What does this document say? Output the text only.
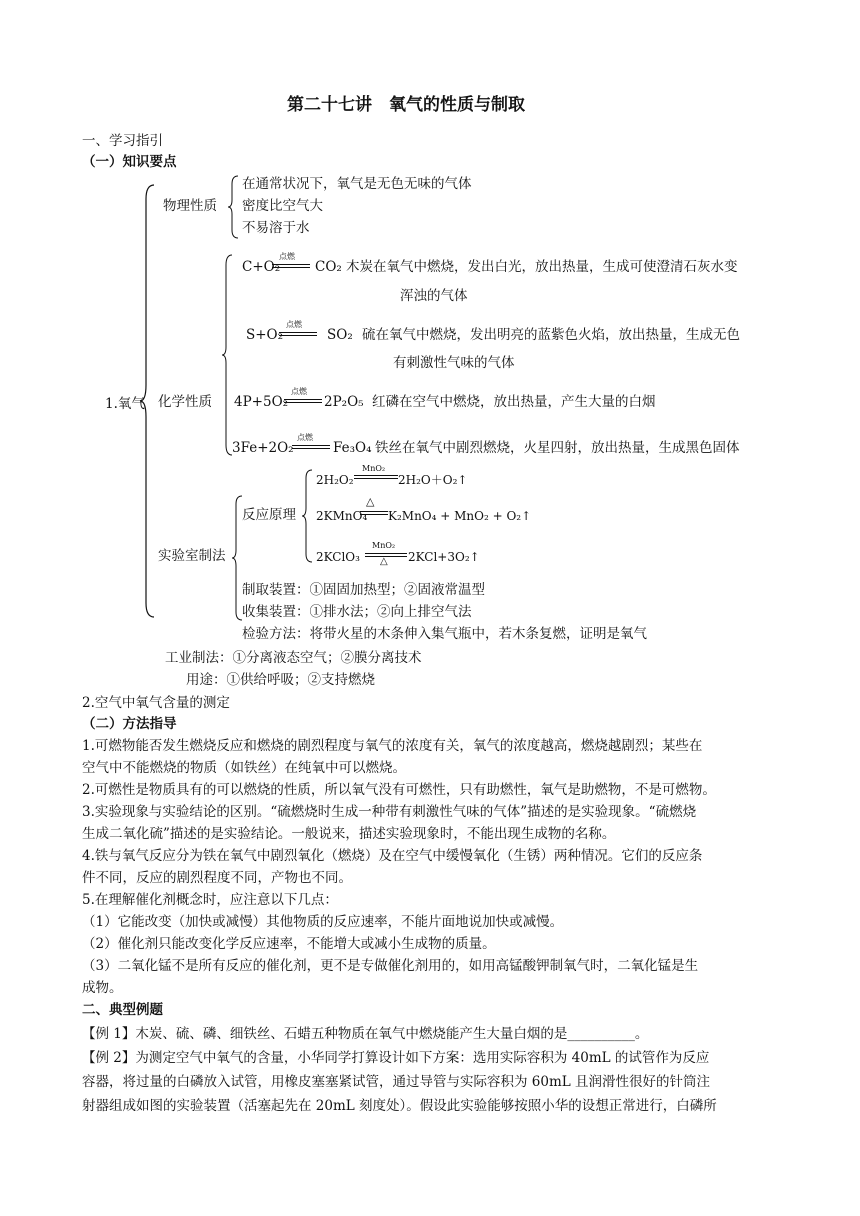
第二十七讲　氧气的性质与制取
一、学习指引
（一）知识要点
1.氧气
物理性质
在通常状况下，氧气是无色无味的气体
密度比空气大
不易溶于水
化学性质
C+O₂
点燃
CO₂ 木炭在氧气中燃烧，发出白光，放出热量，生成可使澄清石灰水变
浑浊的气体
S+O₂
点燃
SO₂ 硫在氧气中燃烧，发出明亮的蓝紫色火焰，放出热量，生成无色
有刺激性气味的气体
4P+5O₂
点燃
2P₂O₅ 红磷在空气中燃烧，放出热量，产生大量的白烟
3Fe+2O₂
点燃
Fe₃O₄ 铁丝在氧气中剧烈燃烧，火星四射，放出热量，生成黑色固体
实验室制法
反应原理
2H₂O₂
MnO₂
2H₂O＋O₂↑
2KMnO₄
△
K₂MnO₄ + MnO₂ + O₂↑
2KClO₃
MnO₂
△ 2KCl+3O₂↑
制取装置：①固固加热型；②固液常温型
收集装置：①排水法；②向上排空气法
检验方法：将带火星的木条伸入集气瓶中，若木条复燃，证明是氧气
工业制法：①分离液态空气；②膜分离技术
用途：①供给呼吸；②支持燃烧
2.空气中氧气含量的测定
（二）方法指导
1.可燃物能否发生燃烧反应和燃烧的剧烈程度与氧气的浓度有关，氧气的浓度越高，燃烧越剧烈；某些在
空气中不能燃烧的物质（如铁丝）在纯氧中可以燃烧。
2.可燃性是物质具有的可以燃烧的性质，所以氧气没有可燃性，只有助燃性，氧气是助燃物，不是可燃物。
3.实验现象与实验结论的区别。“硫燃烧时生成一种带有刺激性气味的气体”描述的是实验现象。“硫燃烧
生成二氧化硫”描述的是实验结论。一般说来，描述实验现象时，不能出现生成物的名称。
4.铁与氧气反应分为铁在氧气中剧烈氧化（燃烧）及在空气中缓慢氧化（生锈）两种情况。它们的反应条
件不同，反应的剧烈程度不同，产物也不同。
5.在理解催化剂概念时，应注意以下几点：
（1）它能改变（加快或减慢）其他物质的反应速率，不能片面地说加快或减慢。
（2）催化剂只能改变化学反应速率，不能增大或减小生成物的质量。
（3）二氧化锰不是所有反应的催化剂，更不是专做催化剂用的，如用高锰酸钾制氧气时，二氧化锰是生
成物。
二、典型例题
【例 1】木炭、硫、磷、细铁丝、石蜡五种物质在氧气中燃烧能产生大量白烟的是__________。
【例 2】为测定空气中氧气的含量，小华同学打算设计如下方案：选用实际容积为 40mL 的试管作为反应
容器，将过量的白磷放入试管，用橡皮塞塞紧试管，通过导管与实际容积为 60mL 且润滑性很好的针筒注
射器组成如图的实验装置（活塞起先在 20mL 刻度处）。假设此实验能够按照小华的设想正常进行，白磷所
